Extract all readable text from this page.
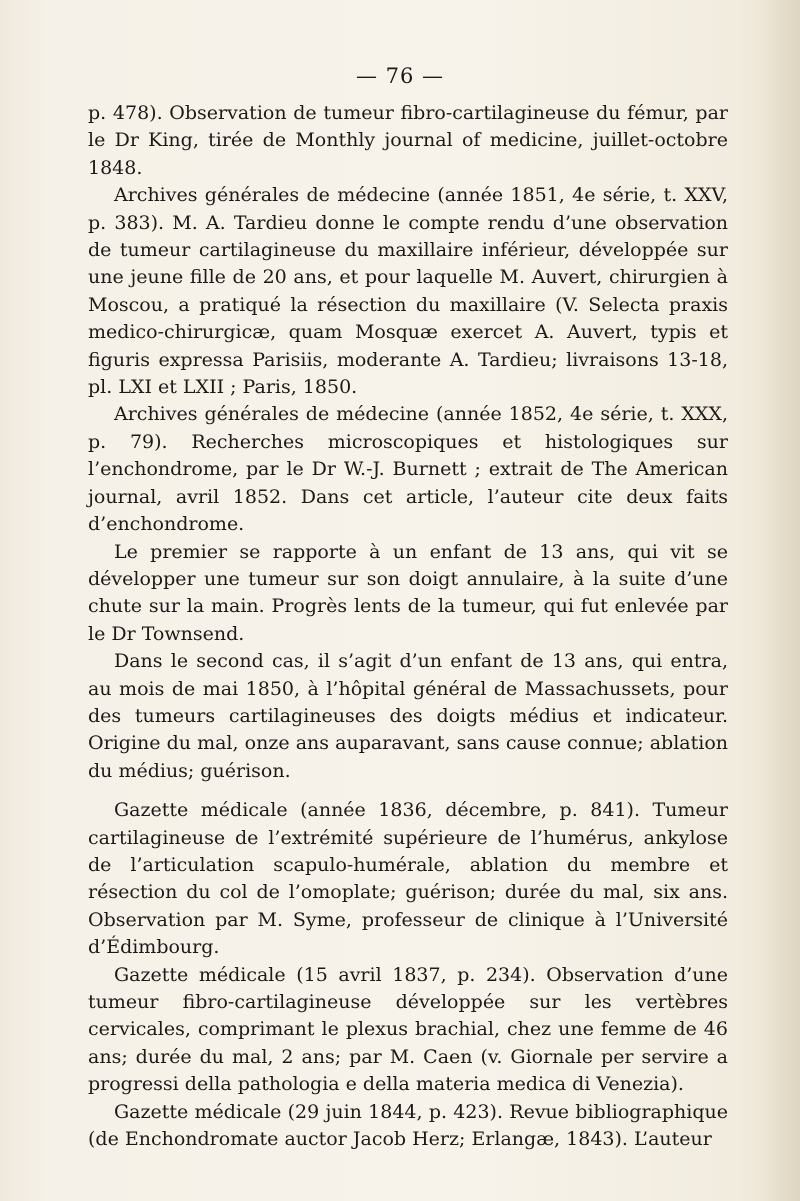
— 76 —

p. 478). Observation de tumeur fibro-cartilagineuse du fémur, par le Dr King, tirée de Monthly journal of medicine, juillet-octobre 1848.

Archives générales de médecine (année 1851, 4e série, t. XXV, p. 383). M. A. Tardieu donne le compte rendu d’une observation de tumeur cartilagineuse du maxillaire inférieur, développée sur une jeune fille de 20 ans, et pour laquelle M. Auvert, chirurgien à Moscou, a pratiqué la résection du maxillaire (V. Selecta praxis medico-chirurgicæ, quam Mosquæ exercet A. Auvert, typis et figuris expressa Parisiis, moderante A. Tardieu; livraisons 13-18, pl. LXI et LXII ; Paris, 1850.

Archives générales de médecine (année 1852, 4e série, t. XXX, p. 79). Recherches microscopiques et histologiques sur l’enchondrome, par le Dr W.-J. Burnett ; extrait de The American journal, avril 1852. Dans cet article, l’auteur cite deux faits d’enchondrome.

Le premier se rapporte à un enfant de 13 ans, qui vit se développer une tumeur sur son doigt annulaire, à la suite d’une chute sur la main. Progrès lents de la tumeur, qui fut enlevée par le Dr Townsend.

Dans le second cas, il s’agit d’un enfant de 13 ans, qui entra, au mois de mai 1850, à l’hôpital général de Massachussets, pour des tumeurs cartilagineuses des doigts médius et indicateur. Origine du mal, onze ans auparavant, sans cause connue; ablation du médius; guérison.

Gazette médicale (année 1836, décembre, p. 841). Tumeur cartilagineuse de l’extrémité supérieure de l’humérus, ankylose de l’articulation scapulo-humérale, ablation du membre et résection du col de l’omoplate; guérison; durée du mal, six ans. Observation par M. Syme, professeur de clinique à l’Université d’Édimbourg.

Gazette médicale (15 avril 1837, p. 234). Observation d’une tumeur fibro-cartilagineuse développée sur les vertèbres cervicales, comprimant le plexus brachial, chez une femme de 46 ans; durée du mal, 2 ans; par M. Caen (v. Giornale per servire a progressi della pathologia e della materia medica di Venezia).

Gazette médicale (29 juin 1844, p. 423). Revue bibliographique (de Enchondromate auctor Jacob Herz; Erlangæ, 1843). L’auteur
